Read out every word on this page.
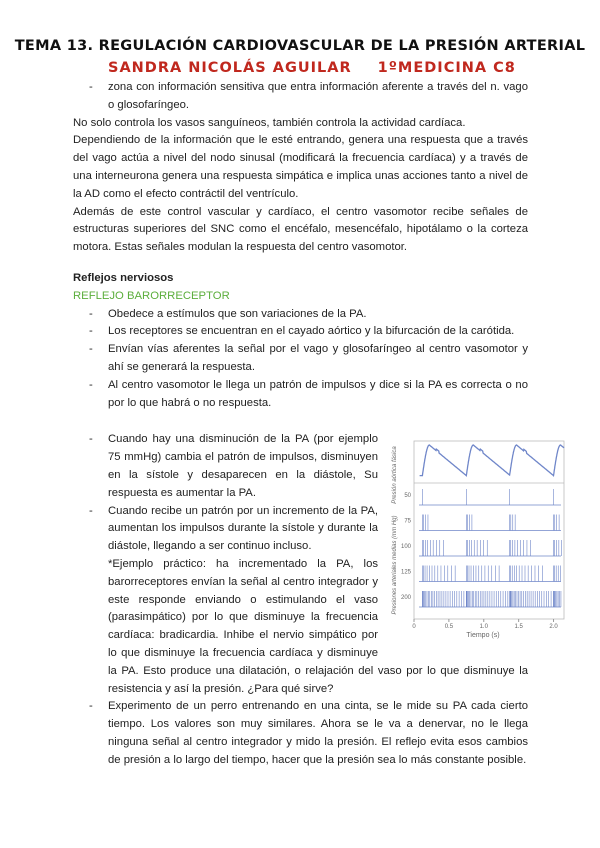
TEMA 13. REGULACIÓN CARDIOVASCULAR DE LA PRESIÓN ARTERIAL
SANDRA NICOLÁS AGUILAR 1ºMEDICINA C8
- zona con información sensitiva que entra información aferente a través del n. vago o glosofaríngeo.

No solo controla los vasos sanguíneos, también controla la actividad cardíaca.

Dependiendo de la información que le esté entrando, genera una respuesta que a través del vago actúa a nivel del nodo sinusal (modificará la frecuencia cardíaca) y a través de una interneurona genera una respuesta simpática e implica unas acciones tanto a nivel de la AD como el efecto contráctil del ventrículo.

Además de este control vascular y cardíaco, el centro vasomotor recibe señales de estructuras superiores del SNC como el encéfalo, mesencéfalo, hipotálamo o la corteza motora. Estas señales modulan la respuesta del centro vasomotor.

Reflejos nerviosos

REFLEJO BARORRECEPTOR

- Obedece a estímulos que son variaciones de la PA.
- Los receptores se encuentran en el cayado aórtico y la bifurcación de la carótida.
- Envían vías aferentes la señal por el vago y glosofaríngeo al centro vasomotor y ahí se generará la respuesta.
- Al centro vasomotor le llega un patrón de impulsos y dice si la PA es correcta o no por lo que habrá o no respuesta.
Presión aórtica fásica
Presiones arteriales medias (mm Hg)
Tiempo (s)
50
75
100
125
200
0	0.5	1.0	1.5	2.0
- Cuando hay una disminución de la PA (por ejemplo 75 mmHg) cambia el patrón de impulsos, disminuyen en la sístole y desaparecen en la diástole, Su respuesta es aumentar la PA.
- Cuando recibe un patrón por un incremento de la PA, aumentan los impulsos durante la sístole y durante la diástole, llegando a ser continuo incluso.
*Ejemplo práctico: ha incrementado la PA, los barorreceptores envían la señal al centro integrador y este responde enviando o estimulando el vaso (parasimpático) por lo que disminuye la frecuencia cardíaca: bradicardia. Inhibe el nervio simpático por lo que disminuye la frecuencia cardíaca y disminuye la PA. Esto produce una dilatación, o relajación del vaso por lo que disminuye la resistencia y así la presión. ¿Para qué sirve?
- Experimento de un perro entrenando en una cinta, se le mide su PA cada cierto tiempo. Los valores son muy similares. Ahora se le va a denervar, no le llega ninguna señal al centro integrador y mido la presión. El reflejo evita esos cambios de presión a lo largo del tiempo, hacer que la presión sea lo más constante posible.
